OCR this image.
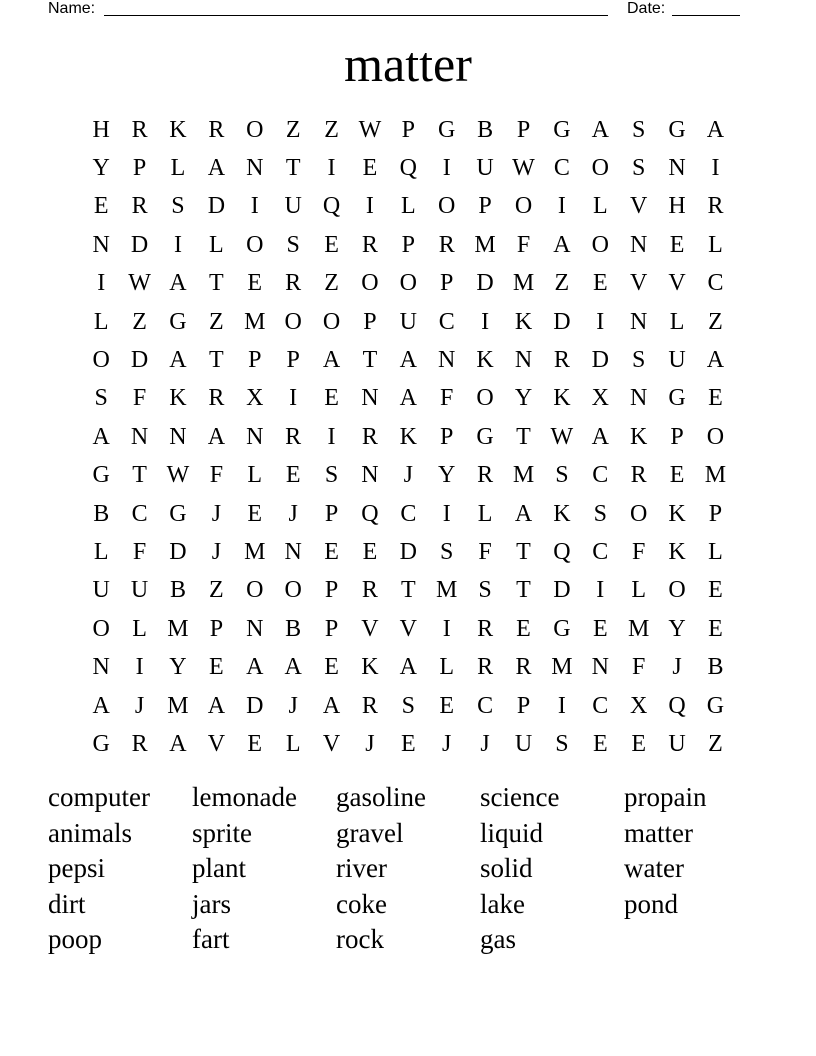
Name:	Date:
matter
H R K R O Z Z W P G B P G A S G A
Y P	L A N T	I	E Q	I	U W C O S N	I
E R S D	I	U Q	I	L O P O	I	L V H R
N D	I	L O S	E R P R M F A O N E L
I W A T E R Z O O P D M Z E V V C
L Z G Z M O O P U C	I	K D	I	N L Z
O D A T	P	P A T A N K N R D S U A
S	F K R X	I	E N A F O Y K X N G E
A N N A N R	I	R K P G T W A K P O
G T W F	L E	S N	J	Y R M S C R E M
B C G	J	E	J	P Q C	I	L A K S O K P
L	F D	J M N E E D S	F	T Q C F K L
U U B Z O O P R T M S	T D	I	L O E
O L M P N B P V V	I	R E G E M Y E
N	I	Y E A A E K A L R R M N F	J	B
A	J M A D	J	A R S	E C P	I	C X Q G
G R A V E L V	J	E	J	J	U S	E E U Z
computer	lemonade	gasoline	science	propain
animals	sprite	gravel	liquid	matter
pepsi	plant	river	solid	water
dirt	jars	coke	lake	pond
poop	fart	rock	gas
